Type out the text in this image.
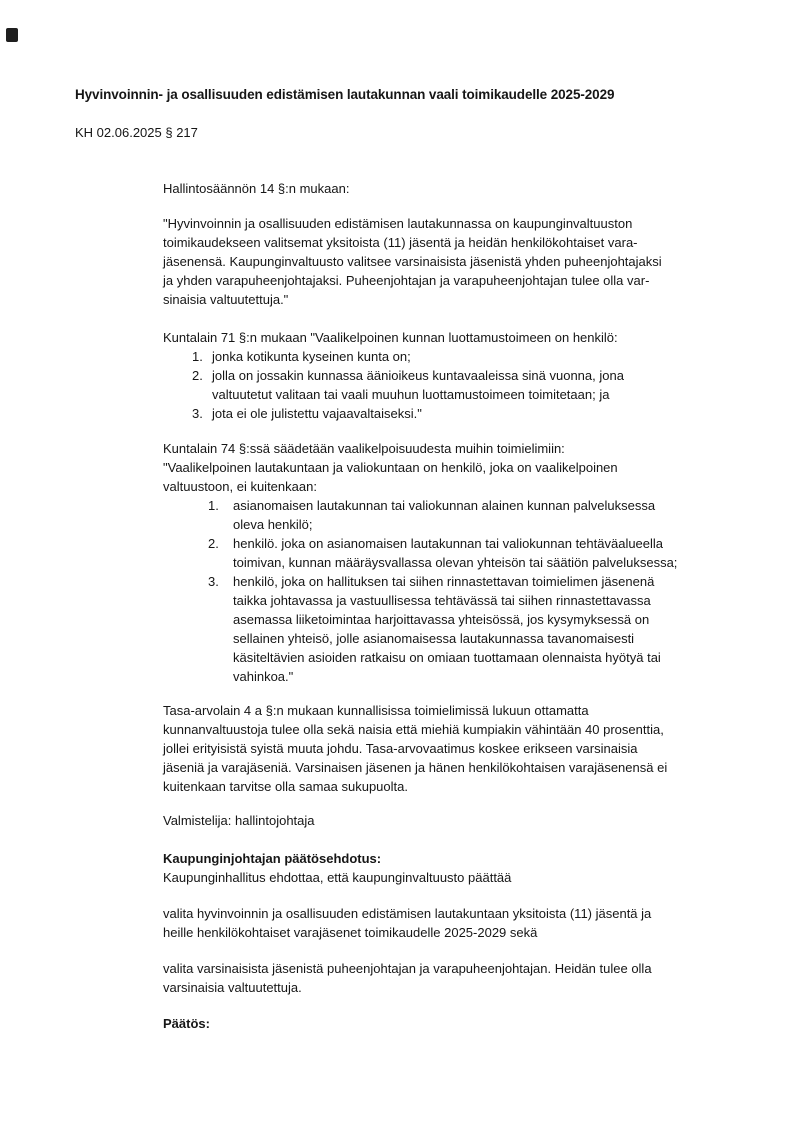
Hyvinvoinnin- ja osallisuuden edistämisen lautakunnan vaali toimikaudelle 2025-2029
KH 02.06.2025 § 217
Hallintosäännön 14 §:n mukaan:
"Hyvinvoinnin ja osallisuuden edistämisen lautakunnassa on kaupunginvaltuuston
toimikaudekseen valitsemat yksitoista (11) jäsentä ja heidän henkilökohtaiset vara-
jäsenensä. Kaupunginvaltuusto valitsee varsinaisista jäsenistä yhden puheenjohtajaksi
ja yhden varapuheenjohtajaksi. Puheenjohtajan ja varapuheenjohtajan tulee olla var-
sinaisia valtuutettuja."
Kuntalain 71 §:n mukaan "Vaalikelpoinen kunnan luottamustoimeen on henkilö:
1. jonka kotikunta kyseinen kunta on;
2. jolla on jossakin kunnassa äänioikeus kuntavaaleissa sinä vuonna, jona
valtuutetut valitaan tai vaali muuhun luottamustoimeen toimitetaan; ja
3. jota ei ole julistettu vajaavaltaiseksi."
Kuntalain 74 §:ssä säädetään vaalikelpoisuudesta muihin toimielimiin:
"Vaalikelpoinen lautakuntaan ja valiokuntaan on henkilö, joka on vaalikelpoinen
valtuustoon, ei kuitenkaan:
1. asianomaisen lautakunnan tai valiokunnan alainen kunnan palveluksessa
oleva henkilö;
2. henkilö. joka on asianomaisen lautakunnan tai valiokunnan tehtäväalueella
toimivan, kunnan määräysvallassa olevan yhteisön tai säätiön palveluksessa;
3. henkilö, joka on hallituksen tai siihen rinnastettavan toimielimen jäsenenä
taikka johtavassa ja vastuullisessa tehtävässä tai siihen rinnastettavassa
asemassa liiketoimintaa harjoittavassa yhteisössä, jos kysymyksessä on
sellainen yhteisö, jolle asianomaisessa lautakunnassa tavanomaisesti
käsiteltävien asioiden ratkaisu on omiaan tuottamaan olennaista hyötyä tai
vahinkoa."
Tasa-arvolain 4 a §:n mukaan kunnallisissa toimielimissä lukuun ottamatta
kunnanvaltuustoja tulee olla sekä naisia että miehiä kumpiakin vähintään 40 prosenttia,
jollei erityisistä syistä muuta johdu. Tasa-arvovaatimus koskee erikseen varsinaisia
jäseniä ja varajäseniä. Varsinaisen jäsenen ja hänen henkilökohtaisen varajäsenensä ei
kuitenkaan tarvitse olla samaa sukupuolta.
Valmistelija: hallintojohtaja
Kaupunginjohtajan päätösehdotus:
Kaupunginhallitus ehdottaa, että kaupunginvaltuusto päättää
valita hyvinvoinnin ja osallisuuden edistämisen lautakuntaan yksitoista (11) jäsentä ja
heille henkilökohtaiset varajäsenet toimikaudelle 2025-2029 sekä
valita varsinaisista jäsenistä puheenjohtajan ja varapuheenjohtajan. Heidän tulee olla
varsinaisia valtuutettuja.
Päätös:
